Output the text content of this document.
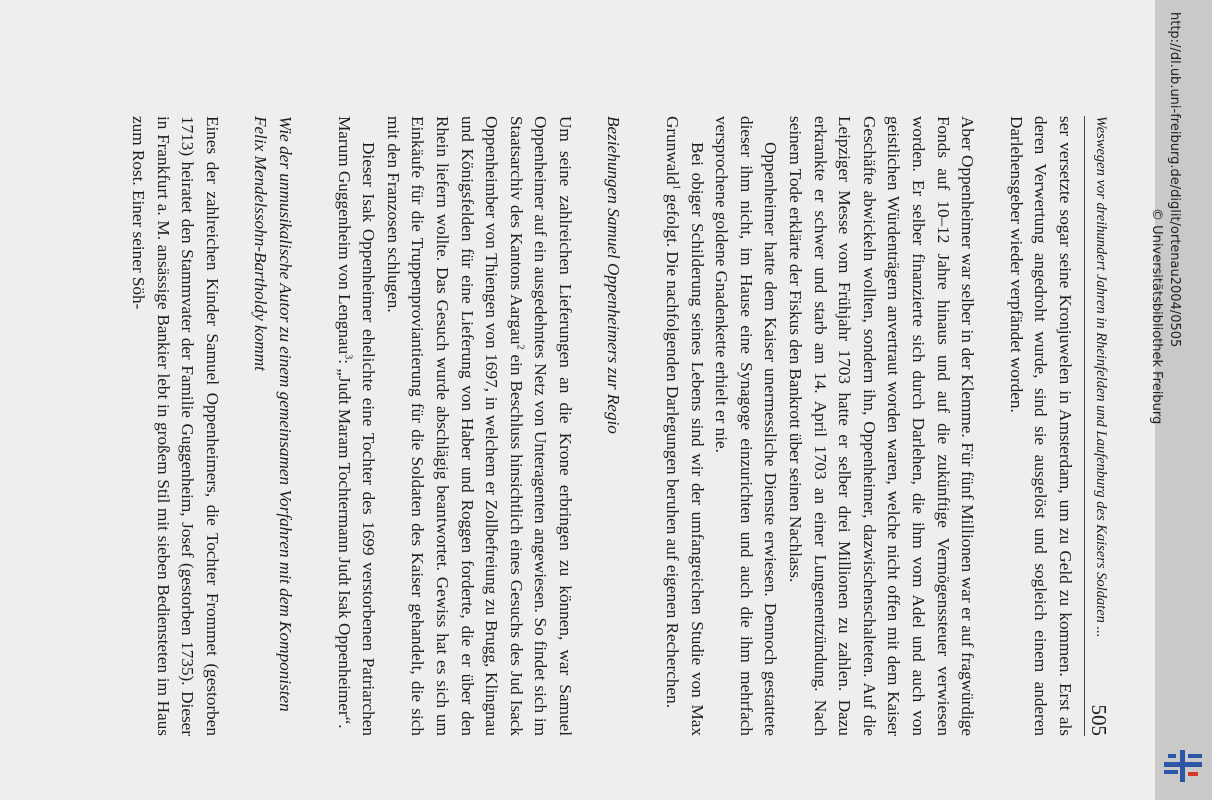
Weswegen vor dreihundert Jahren in Rheinfelden und Laufenburg des Kaisers Soldaten ...
505

ser versetzte sogar seine Kronjuwelen in Amsterdam, um zu Geld zu kommen. Erst als deren Verwertung angedroht wurde, sind sie ausgelöst und sogleich einem anderen Darlehensgeber wieder verpfändet worden.

Aber Oppenheimer war selber in der Klemme. Für fünf Millionen war er auf fragwürdige Fonds auf 10–12 Jahre hinaus und auf die zukünftige Vermögenssteuer verwiesen worden. Er selber finanzierte sich durch Darlehen, die ihm vom Adel und auch von geistlichen Würdenträgern anvertraut worden waren, welche nicht offen mit dem Kaiser Geschäfte abwickeln wollten, sondern ihn, Oppenheimer, dazwischenschalteten. Auf die Leipziger Messe vom Frühjahr 1703 hatte er selber drei Millionen zu zahlen. Dazu erkrankte er schwer und starb am 14. April 1703 an einer Lungenentzündung. Nach seinem Tode erklärte der Fiskus den Bankrott über seinen Nachlass.

Oppenheimer hatte dem Kaiser unermessliche Dienste erwiesen. Dennoch gestattete dieser ihm nicht, im Hause eine Synagoge einzurichten und auch die ihm mehrfach versprochene goldene Gnadenkette erhielt er nie.

Bei obiger Schilderung seines Lebens sind wir der umfangreichen Studie von Max Grunwald$^1$ gefolgt. Die nachfolgenden Darlegungen beruhen auf eigenen Recherchen.

Beziehungen Samuel Oppenheimers zur Regio

Um seine zahlreichen Lieferungen an die Krone erbringen zu können, war Samuel Oppenheimer auf ein ausgedehntes Netz von Unteragenten angewiesen. So findet sich im Staatsarchiv des Kantons Aargau$^2$ ein Beschluss hinsichtlich eines Gesuchs des Jud Isack Oppenheimber von Thiengen von 1697, in welchem er Zollbefreiung zu Brugg, Klingnau und Königsfelden für eine Lieferung von Haber und Roggen forderte, die er über den Rhein liefern wollte. Das Gesuch wurde abschlägig beantwortet. Gewiss hat es sich um Einkäufe für die Truppenproviantierung für die Soldaten des Kaiser gehandelt, die sich mit den Franzosen schlugen.

Dieser Isak Oppenheimer ehelichte eine Tochter des 1699 verstorbenen Patriarchen Marum Guggenheim von Lengnau$^3$: „Judt Maram Tochtermann Judt Isak Oppenheimer“.

Wie der unmusikalische Autor zu einem gemeinsamen Vorfahren mit dem Komponisten Felix Mendelssohn-Bartholdy kommt

Eines der zahlreichen Kinder Samuel Oppenheimers, die Tochter Frommet (gestorben 1713) heiratet den Stammvater der Familie Guggenheim, Josef (gestorben 1735). Dieser in Frankfurt a. M. ansässige Bankier lebt in großem Stil mit sieben Bediensteten im Haus zum Rost. Einer seiner Söh-	http://dl.ub.uni-freiburg.de/diglit/ortenau2004/0505
© Universitätsbibliothek Freiburg
